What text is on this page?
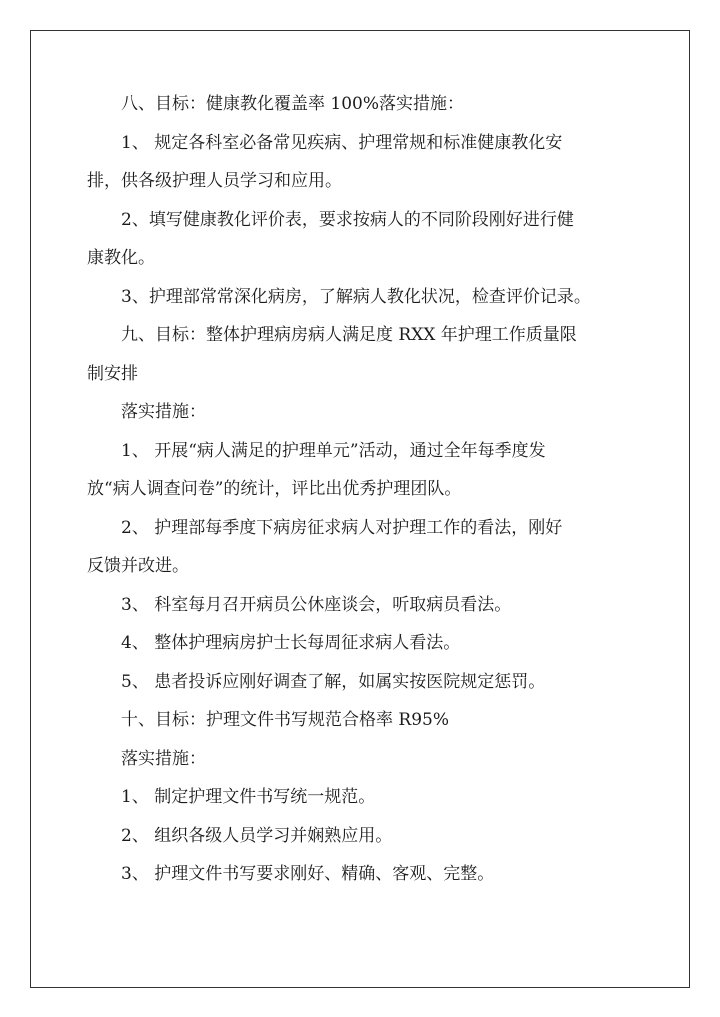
八、目标：健康教化覆盖率 100%落实措施：
1、 规定各科室必备常见疾病、护理常规和标准健康教化安
排，供各级护理人员学习和应用。
2、填写健康教化评价表，要求按病人的不同阶段刚好进行健
康教化。
3、护理部常常深化病房，了解病人教化状况，检查评价记录。
九、目标：整体护理病房病人满足度 RXX 年护理工作质量限
制安排
落实措施：
1、 开展“病人满足的护理单元”活动，通过全年每季度发
放“病人调查问卷”的统计，评比出优秀护理团队。
2、 护理部每季度下病房征求病人对护理工作的看法，刚好
反馈并改进。
3、 科室每月召开病员公休座谈会，听取病员看法。
4、 整体护理病房护士长每周征求病人看法。
5、 患者投诉应刚好调查了解，如属实按医院规定惩罚。
十、目标：护理文件书写规范合格率 R95%
落实措施：
1、 制定护理文件书写统一规范。
2、 组织各级人员学习并娴熟应用。
3、 护理文件书写要求刚好、精确、客观、完整。
